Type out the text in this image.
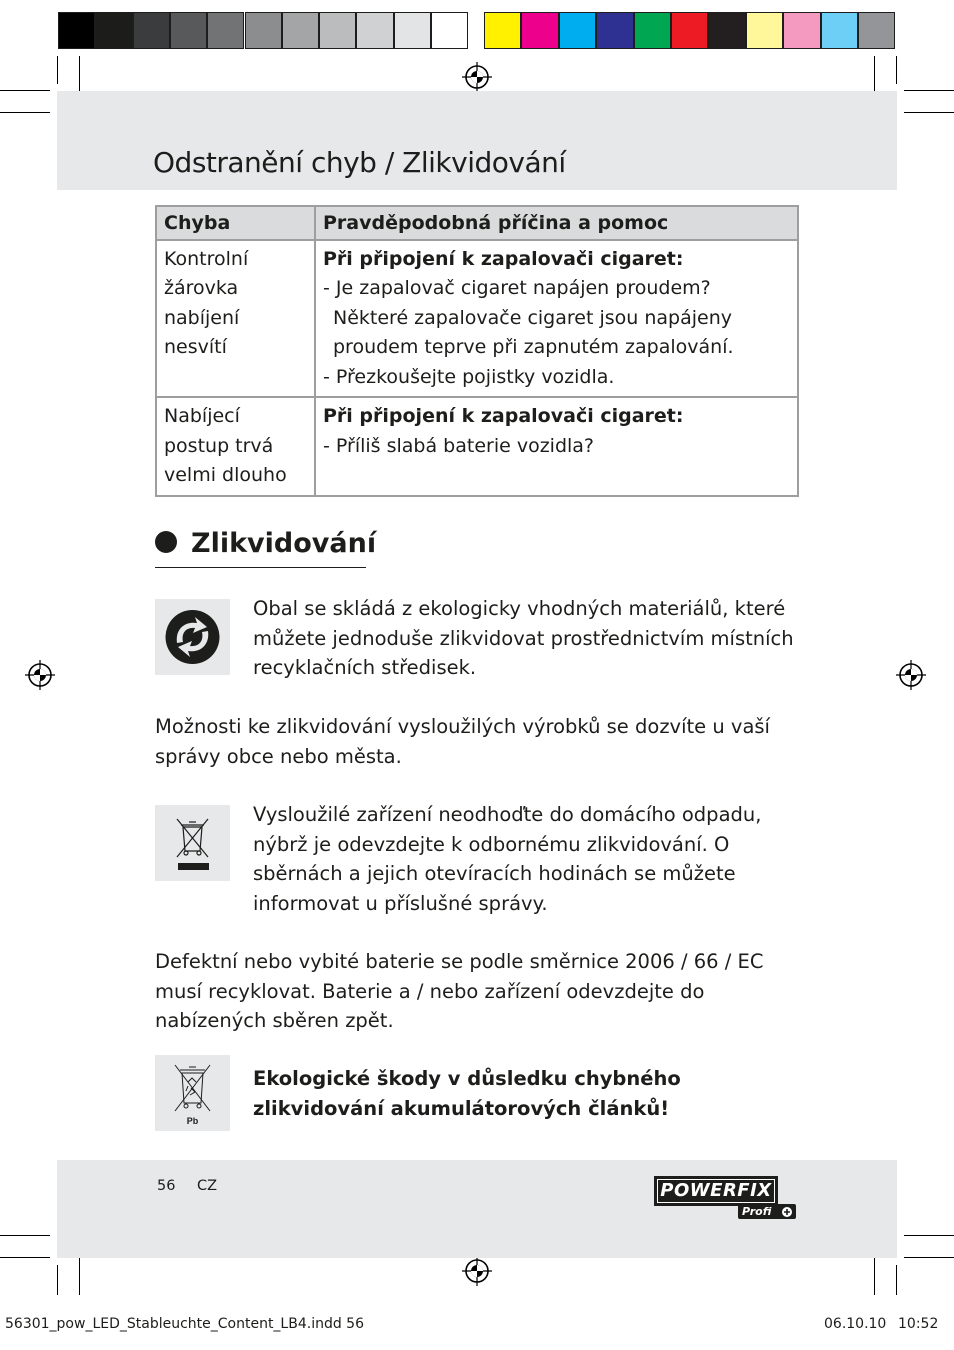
Odstranění chyb / Zlikvidování
Chyba	Pravděpodobná příčina a pomoc

Kontrolní žárovka nabíjení nesvítí	Při připojení k zapalovači cigaret:
- Je zapalovač cigaret napájen proudem? Některé zapalovače cigaret jsou napájeny proudem teprve při zapnutém zapalování.
- Přezkoušejte pojistky vozidla.

Nabíjecí postup trvá velmi dlouho	Při připojení k zapalovači cigaret:
- Příliš slabá baterie vozidla?
Zlikvidování
Obal se skládá z ekologicky vhodných materiálů, které můžete jednoduše zlikvidovat prostřednictvím místních recyklačních středisek.
Možnosti ke zlikvidování vysloužilých výrobků se dozvíte u vaší správy obce nebo města.
Vysloužilé zařízení neodhoďte do domácího odpadu, nýbrž je odevzdejte k odbornému zlikvidování. O sběrnách a jejich otevíracích hodinách se můžete informovat u příslušné správy.
Defektní nebo vybité baterie se podle směrnice 2006 / 66 / EC musí recyklovat. Baterie a / nebo zařízení odevzdejte do nabízených sběren zpět.
Pb
Ekologické škody v důsledku chybného zlikvidování akumulátorových článků!
56 CZ	POWERFIX
Profi
56301_pow_LED_Stableuchte_Content_LB4.indd 56	06.10.10 10:52
